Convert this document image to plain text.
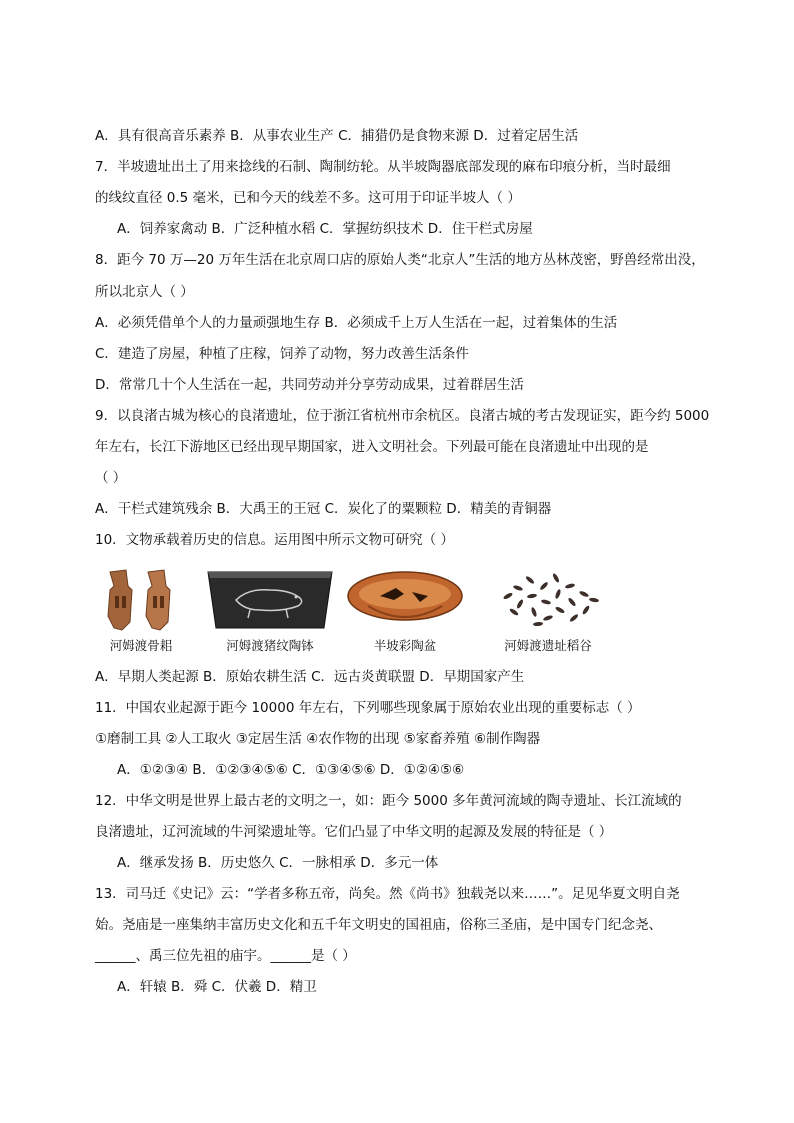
A．具有很高音乐素养 B．从事农业生产 C．捕猎仍是食物来源 D．过着定居生活
7．半坡遗址出土了用来捻线的石制、陶制纺轮。从半坡陶器底部发现的麻布印痕分析，当时最细
的线纹直径 0.5 毫米，已和今天的线差不多。这可用于印证半坡人（ ）
A．饲养家禽动 B．广泛种植水稻 C．掌握纺织技术 D．住干栏式房屋
8．距今 70 万—20 万年生活在北京周口店的原始人类“北京人”生活的地方丛林茂密，野兽经常出没，
所以北京人（ ）
A．必须凭借单个人的力量顽强地生存 B．必须成千上万人生活在一起，过着集体的生活
C．建造了房屋，种植了庄稼，饲养了动物，努力改善生活条件
D．常常几十个人生活在一起，共同劳动并分享劳动成果，过着群居生活
9．以良渚古城为核心的良渚遗址，位于浙江省杭州市余杭区。良渚古城的考古发现证实，距今约 5000
年左右，长江下游地区已经出现早期国家，进入文明社会。下列最可能在良渚遗址中出现的是
（ ）
A．干栏式建筑残余 B．大禹王的王冠 C．炭化了的粟颗粒 D．精美的青铜器
10．文物承载着历史的信息。运用图中所示文物可研究（ ）
河姆渡骨耜	河姆渡猪纹陶钵	半坡彩陶盆	河姆渡遗址稻谷
A．早期人类起源 B．原始农耕生活 C．远古炎黄联盟 D．早期国家产生
11．中国农业起源于距今 10000 年左右，下列哪些现象属于原始农业出现的重要标志（ ）
①磨制工具 ②人工取火 ③定居生活 ④农作物的出现 ⑤家畜养殖 ⑥制作陶器
A．①②③④ B．①②③④⑤⑥ C．①③④⑤⑥ D．①②④⑤⑥
12．中华文明是世界上最古老的文明之一，如：距今 5000 多年黄河流域的陶寺遗址、长江流域的
良渚遗址，辽河流域的牛河梁遗址等。它们凸显了中华文明的起源及发展的特征是（ ）
A．继承发扬 B．历史悠久 C．一脉相承 D．多元一体
13．司马迁《史记》云：“学者多称五帝，尚矣。然《尚书》独载尧以来……”。足见华夏文明自尧
始。尧庙是一座集纳丰富历史文化和五千年文明史的国祖庙，俗称三圣庙，是中国专门纪念尧、
______、禹三位先祖的庙宇。______是（ ）
A．轩辕 B．舜 C．伏羲 D．精卫
